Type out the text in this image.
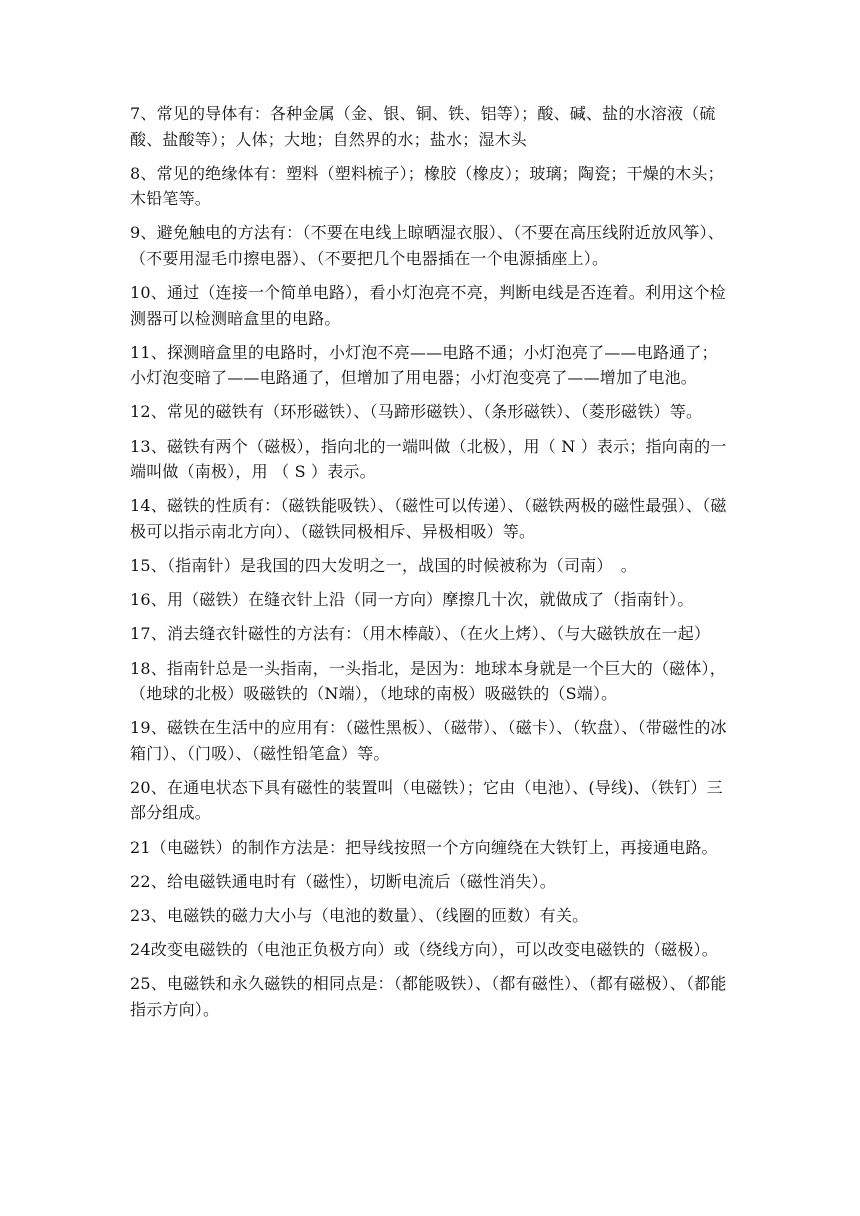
7、常见的导体有：各种金属（金、银、铜、铁、铝等）；酸、碱、盐的水溶液（硫酸、盐酸等）；人体；大地；自然界的水；盐水；湿木头

8、常见的绝缘体有：塑料（塑料梳子）；橡胶（橡皮）；玻璃；陶瓷；干燥的木头；木铅笔等。

9、避免触电的方法有：（不要在电线上晾晒湿衣服）、（不要在高压线附近放风筝）、（不要用湿毛巾擦电器）、（不要把几个电器插在一个电源插座上）。

10、通过（连接一个简单电路），看小灯泡亮不亮，判断电线是否连着。利用这个检测器可以检测暗盒里的电路。

11、探测暗盒里的电路时，小灯泡不亮——电路不通；小灯泡亮了——电路通了；小灯泡变暗了——电路通了，但增加了用电器；小灯泡变亮了——增加了电池。

12、常见的磁铁有（环形磁铁）、（马蹄形磁铁）、（条形磁铁）、（菱形磁铁）等。

13、磁铁有两个（磁极），指向北的一端叫做（北极），用（ N ）表示；指向南的一端叫做（南极），用 （ S ）表示。

14、磁铁的性质有：（磁铁能吸铁）、（磁性可以传递）、（磁铁两极的磁性最强）、（磁极可以指示南北方向）、（磁铁同极相斥、异极相吸）等。

15、（指南针）是我国的四大发明之一，战国的时候被称为（司南）　。

16、用（磁铁）在缝衣针上沿（同一方向）摩擦几十次，就做成了（指南针）。

17、消去缝衣针磁性的方法有：（用木棒敲）、（在火上烤）、（与大磁铁放在一起）

18、指南针总是一头指南，一头指北，是因为：地球本身就是一个巨大的（磁体），（地球的北极）吸磁铁的（N端），（地球的南极）吸磁铁的（S端）。

19、磁铁在生活中的应用有：（磁性黑板）、（磁带）、（磁卡）、（软盘）、（带磁性的冰箱门）、（门吸）、（磁性铅笔盒）等。

20、在通电状态下具有磁性的装置叫（电磁铁）；它由（电池）、(导线)、（铁钉）三部分组成。

21（电磁铁）的制作方法是：把导线按照一个方向缠绕在大铁钉上，再接通电路。

22、给电磁铁通电时有（磁性），切断电流后（磁性消失）。

23、电磁铁的磁力大小与（电池的数量）、（线圈的匝数）有关。

24改变电磁铁的（电池正负极方向）或（绕线方向），可以改变电磁铁的（磁极）。

25、电磁铁和永久磁铁的相同点是：（都能吸铁）、（都有磁性）、（都有磁极）、（都能指示方向）。
